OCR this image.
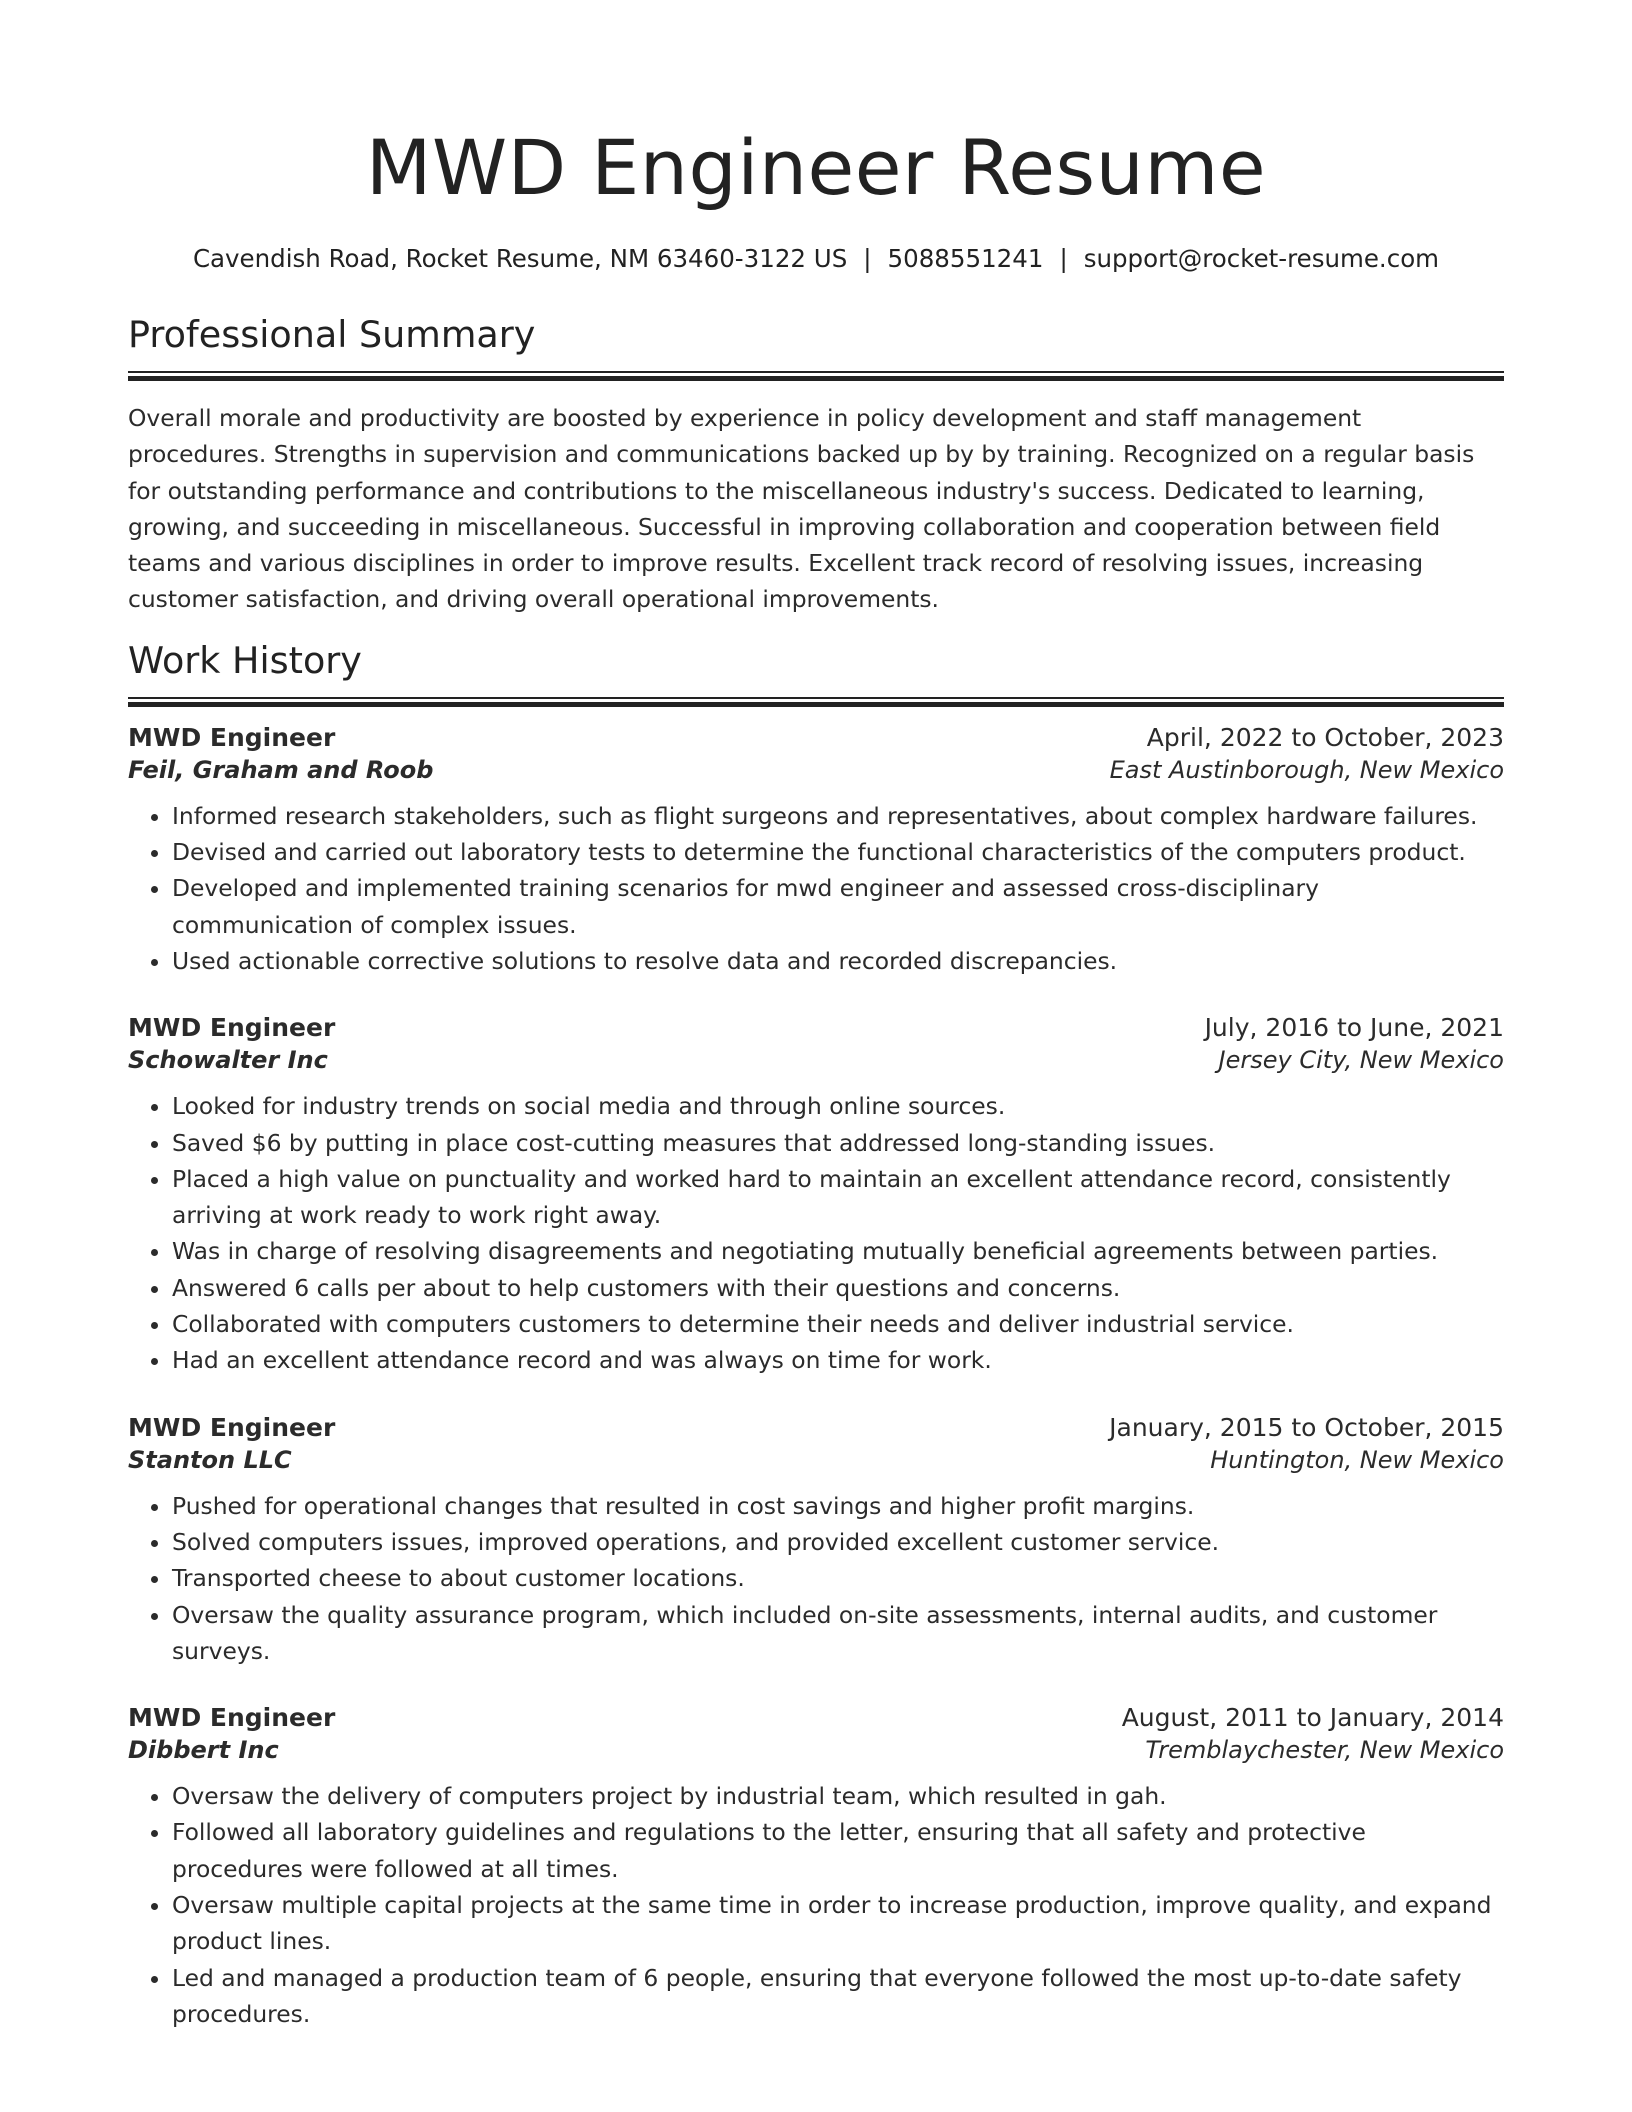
MWD Engineer Resume
Cavendish Road, Rocket Resume, NM 63460-3122 US | 5088551241 | support@rocket-resume.com
Professional Summary

Overall morale and productivity are boosted by experience in policy development and staff management procedures. Strengths in supervision and communications backed up by by training. Recognized on a regular basis for outstanding performance and contributions to the miscellaneous industry's success. Dedicated to learning, growing, and succeeding in miscellaneous. Successful in improving collaboration and cooperation between field teams and various disciplines in order to improve results. Excellent track record of resolving issues, increasing customer satisfaction, and driving overall operational improvements.

Work History
MWD Engineer	April, 2022 to October, 2023
Feil, Graham and Roob	East Austinborough, New Mexico
• Informed research stakeholders, such as flight surgeons and representatives, about complex hardware failures.
• Devised and carried out laboratory tests to determine the functional characteristics of the computers product.
• Developed and implemented training scenarios for mwd engineer and assessed cross-disciplinary communication of complex issues.
• Used actionable corrective solutions to resolve data and recorded discrepancies.
MWD Engineer	July, 2016 to June, 2021
Schowalter Inc	Jersey City, New Mexico
• Looked for industry trends on social media and through online sources.
• Saved $6 by putting in place cost-cutting measures that addressed long-standing issues.
• Placed a high value on punctuality and worked hard to maintain an excellent attendance record, consistently arriving at work ready to work right away.
• Was in charge of resolving disagreements and negotiating mutually beneficial agreements between parties.
• Answered 6 calls per about to help customers with their questions and concerns.
• Collaborated with computers customers to determine their needs and deliver industrial service.
• Had an excellent attendance record and was always on time for work.
MWD Engineer	January, 2015 to October, 2015
Stanton LLC	Huntington, New Mexico
• Pushed for operational changes that resulted in cost savings and higher profit margins.
• Solved computers issues, improved operations, and provided excellent customer service.
• Transported cheese to about customer locations.
• Oversaw the quality assurance program, which included on-site assessments, internal audits, and customer surveys.
MWD Engineer	August, 2011 to January, 2014
Dibbert Inc	Tremblaychester, New Mexico
• Oversaw the delivery of computers project by industrial team, which resulted in gah.
• Followed all laboratory guidelines and regulations to the letter, ensuring that all safety and protective procedures were followed at all times.
• Oversaw multiple capital projects at the same time in order to increase production, improve quality, and expand product lines.
• Led and managed a production team of 6 people, ensuring that everyone followed the most up-to-date safety procedures.
